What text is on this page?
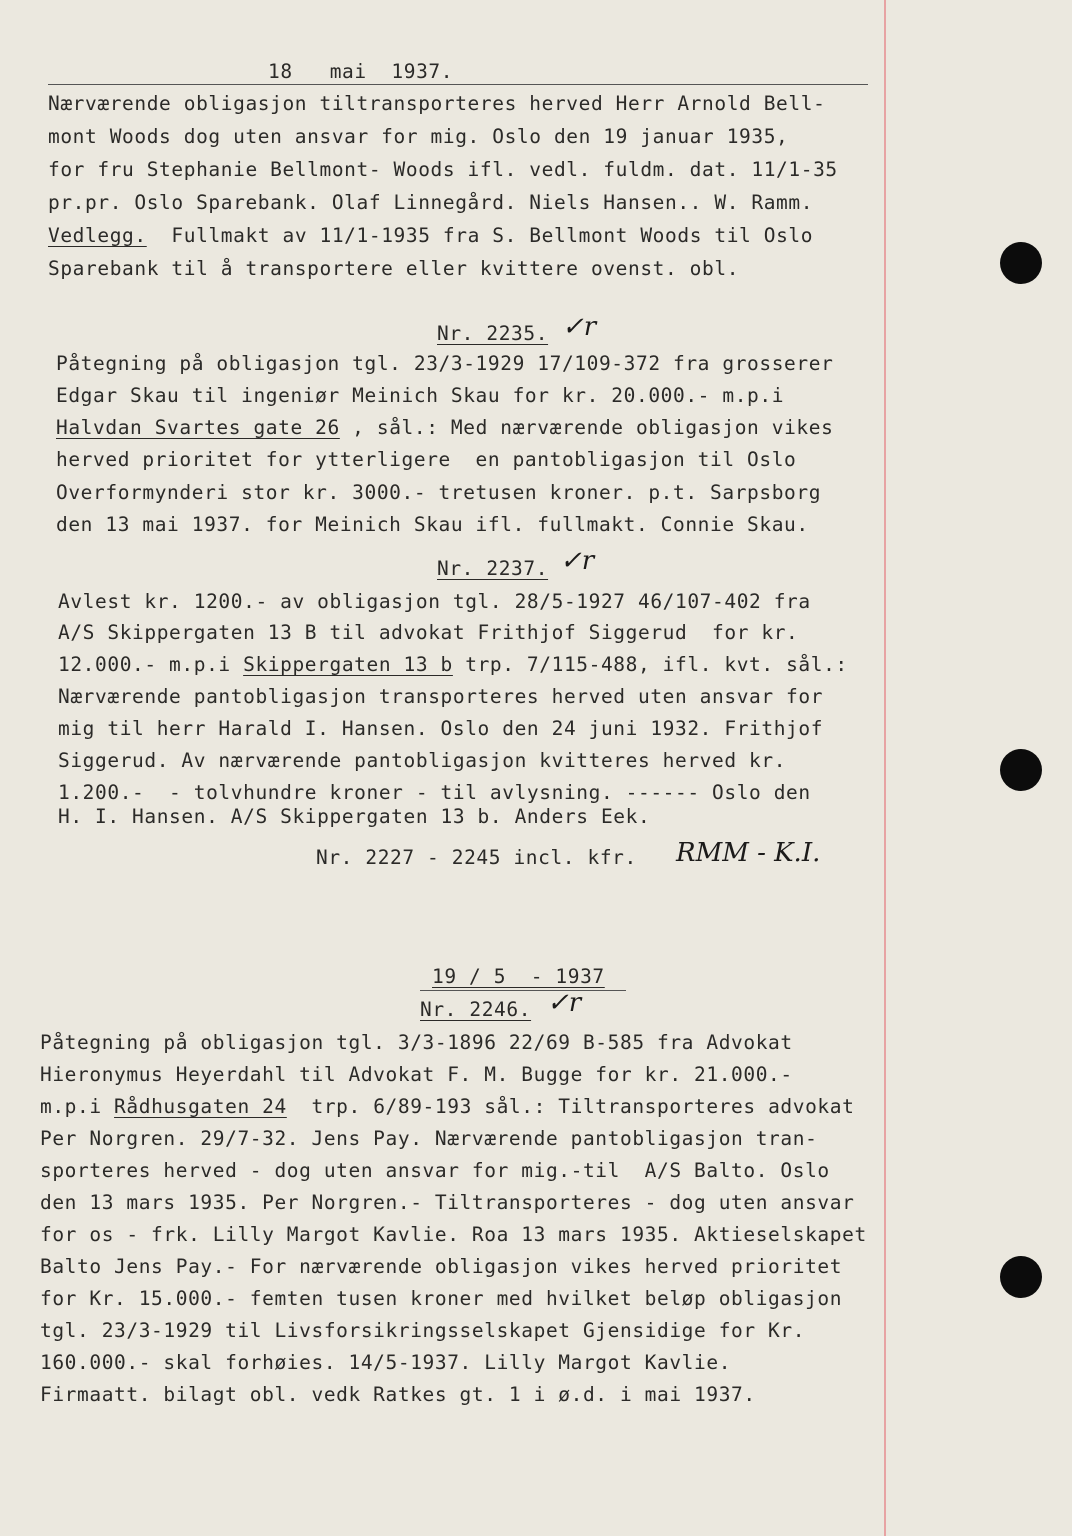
18   mai  1937.
Nærværende obligasjon tiltransporteres herved Herr Arnold Bell-
mont Woods dog uten ansvar for mig. Oslo den 19 januar 1935,
for fru Stephanie Bellmont- Woods ifl. vedl. fuldm. dat. 11/1-35
pr.pr. Oslo Sparebank. Olaf Linnegård. Niels Hansen.. W. Ramm.
Vedlegg. Fullmakt av 11/1-1935 fra S. Bellmont Woods til Oslo
Sparebank til å transportere eller kvittere ovenst. obl.
Nr. 2235. ✓r
Påtegning på obligasjon tgl. 23/3-1929 17/109-372 fra grosserer
Edgar Skau til ingeniør Meinich Skau for kr. 20.000.- m.p.i
Halvdan Svartes gate 26 , sål.: Med nærværende obligasjon vikes
herved prioritet for ytterligere  en pantobligasjon til Oslo
Overformynderi stor kr. 3000.- tretusen kroner. p.t. Sarpsborg
den 13 mai 1937. for Meinich Skau ifl. fullmakt. Connie Skau.
Nr. 2237. ✓r
Avlest kr. 1200.- av obligasjon tgl. 28/5-1927 46/107-402 fra
A/S Skippergaten 13 B til advokat Frithjof Siggerud  for kr.
12.000.- m.p.i Skippergaten 13 b trp. 7/115-488, ifl. kvt. sål.:
Nærværende pantobligasjon transporteres herved uten ansvar for
mig til herr Harald I. Hansen. Oslo den 24 juni 1932. Frithjof
Siggerud. Av nærværende pantobligasjon kvitteres herved kr.
1.200.-  - tolvhundre kroner - til avlysning. ------ Oslo den
H. I. Hansen. A/S Skippergaten 13 b. Anders Eek.
Nr. 2227 - 2245 incl. kfr. RMM - K.I.
19 / 5  - 1937
Nr. 2246. ✓r
Påtegning på obligasjon tgl. 3/3-1896 22/69 B-585 fra Advokat
Hieronymus Heyerdahl til Advokat F. M. Bugge for kr. 21.000.-
m.p.i Rådhusgaten 24  trp. 6/89-193 sål.: Tiltransporteres advokat
Per Norgren. 29/7-32. Jens Pay. Nærværende pantobligasjon tran-
sporteres herved - dog uten ansvar for mig.-til  A/S Balto. Oslo
den 13 mars 1935. Per Norgren.- Tiltransporteres - dog uten ansvar
for os - frk. Lilly Margot Kavlie. Roa 13 mars 1935. Aktieselskapet
Balto Jens Pay.- For nærværende obligasjon vikes herved prioritet
for Kr. 15.000.- femten tusen kroner med hvilket beløp obligasjon
tgl. 23/3-1929 til Livsforsikringsselskapet Gjensidige for Kr.
160.000.- skal forhøies. 14/5-1937. Lilly Margot Kavlie.
Firmaatt. bilagt obl. vedk Ratkes gt. 1 i ø.d. i mai 1937.
